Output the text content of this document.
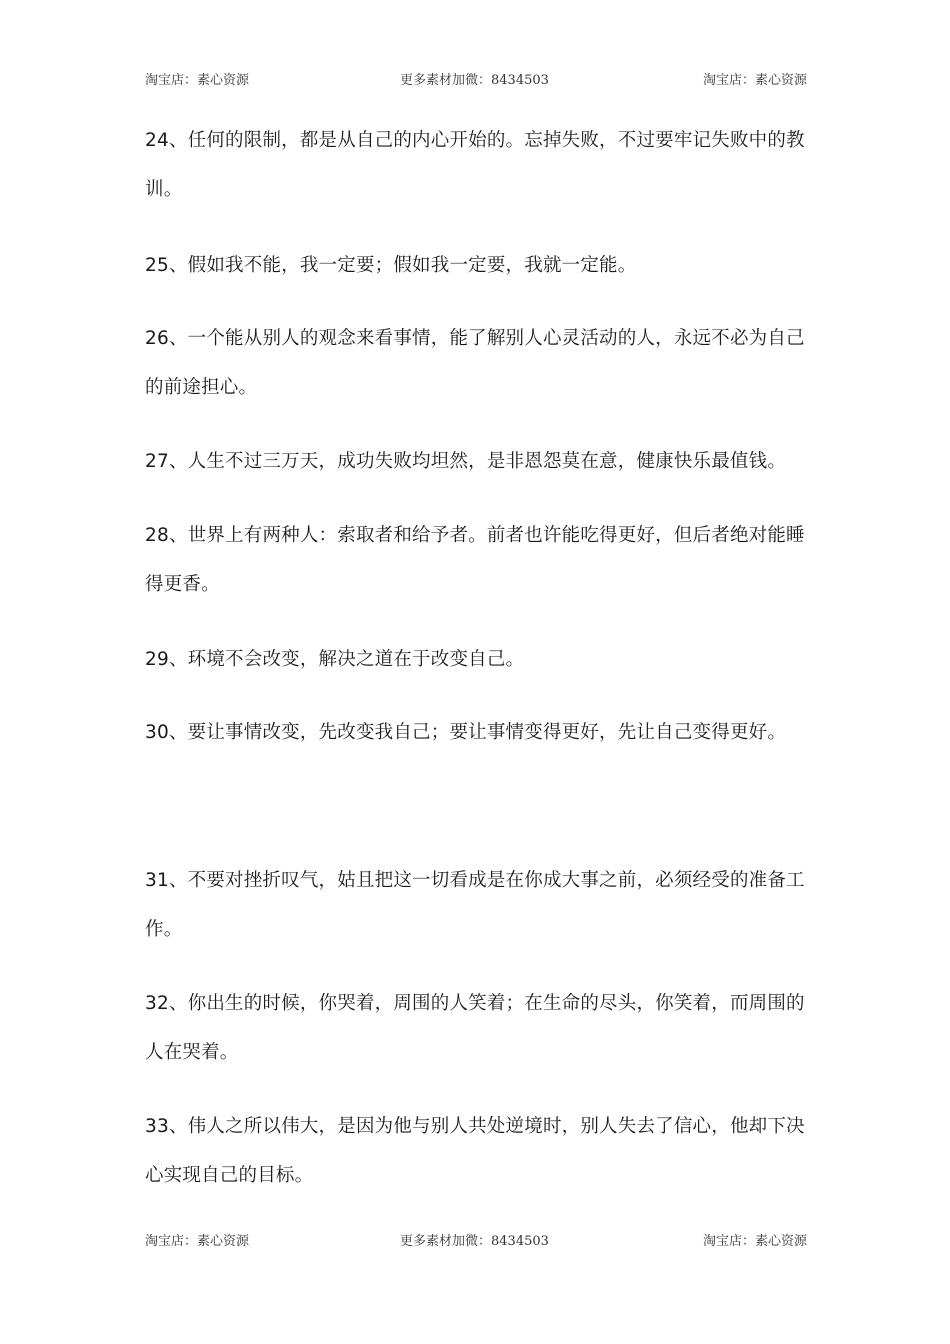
淘宝店：素心资源	更多素材加微：8434503	淘宝店：素心资源

24、任何的限制，都是从自己的内心开始的。忘掉失败，不过要牢记失败中的教训。

25、假如我不能，我一定要；假如我一定要，我就一定能。

26、一个能从别人的观念来看事情，能了解别人心灵活动的人，永远不必为自己的前途担心。

27、人生不过三万天，成功失败均坦然，是非恩怨莫在意，健康快乐最值钱。

28、世界上有两种人：索取者和给予者。前者也许能吃得更好，但后者绝对能睡得更香。

29、环境不会改变，解决之道在于改变自己。

30、要让事情改变，先改变我自己；要让事情变得更好，先让自己变得更好。

31、不要对挫折叹气，姑且把这一切看成是在你成大事之前，必须经受的准备工作。

32、你出生的时候，你哭着，周围的人笑着；在生命的尽头，你笑着，而周围的人在哭着。

33、伟人之所以伟大，是因为他与别人共处逆境时，别人失去了信心，他却下决心实现自己的目标。

淘宝店：素心资源	更多素材加微：8434503	淘宝店：素心资源
